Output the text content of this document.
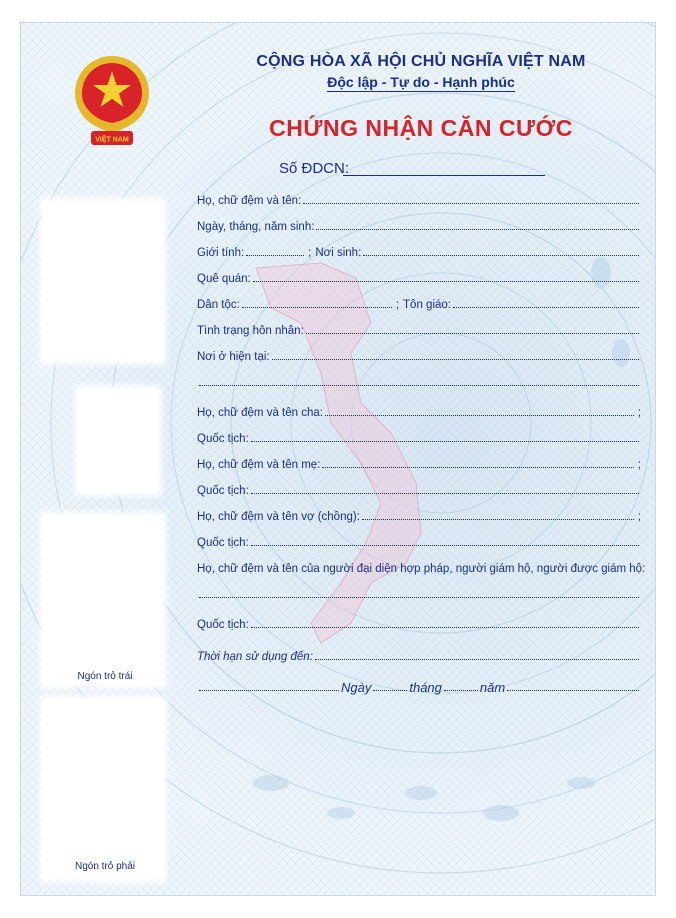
VIỆT NAM
CỘNG HÒA XÃ HỘI CHỦ NGHĨA VIỆT NAM
Độc lập - Tự do - Hạnh phúc
CHỨNG NHẬN CĂN CƯỚC
Số ĐDCN:
Ngón trỏ trái
Ngón trỏ phải
Họ, chữ đệm và tên:
Ngày, tháng, năm sinh:
Giới tính:	; Nơi sinh:
Quê quán:
Dân tộc:	; Tôn giáo:
Tình trạng hôn nhân:
Nơi ở hiện tại:
Họ, chữ đệm và tên cha:	;
Quốc tịch:
Họ, chữ đệm và tên mẹ:	;
Quốc tịch:
Họ, chữ đệm và tên vợ (chồng):	;
Quốc tịch:
Họ, chữ đệm và tên của người đại diện hợp pháp, người giám hộ, người được giám hộ:
Quốc tịch:
Thời hạn sử dụng đến:
Ngày	tháng	năm
